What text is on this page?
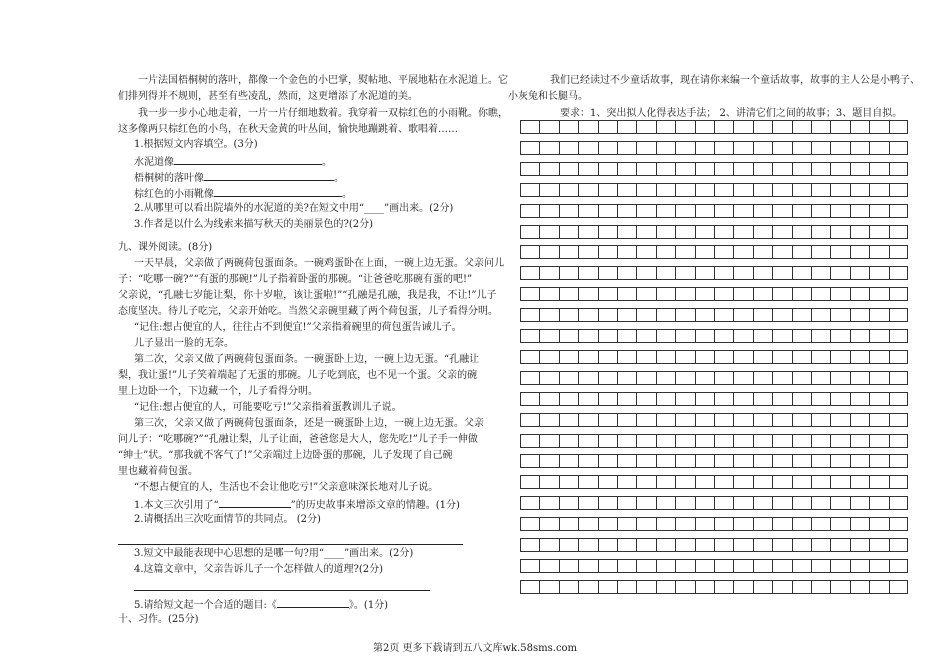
一片法国梧桐树的落叶，都像一个金色的小巴掌，熨帖地、平展地粘在水泥道上。它

们排列得并不规则，甚至有些凌乱，然而，这更增添了水泥道的美。

我一步一步小心地走着，一片一片仔细地数着。我穿着一双棕红色的小雨靴。你瞧，

这多像两只棕红色的小鸟，在秋天金黄的叶丛间，愉快地蹦跳着、歌唱着……

1.根据短文内容填空。(3分)

水泥道像	。

梧桐树的落叶像	。

棕红色的小雨靴像	。

2.从哪里可以看出院墙外的水泥道的美?在短文中用“____”画出来。(2分)

3.作者是以什么为线索来描写秋天的美丽景色的?(2分)

九、课外阅读。(8分)

一天早晨，父亲做了两碗荷包蛋面条。一碗鸡蛋卧在上面，一碗上边无蛋。父亲问儿

子：“吃哪一碗?”“有蛋的那碗!”儿子指着卧蛋的那碗。“让爸爸吃那碗有蛋的吧!”

父亲说，“孔融七岁能让梨，你十岁啦，该让蛋啦!”“孔融是孔融，我是我，不让!”儿子

态度坚决。待儿子吃完，父亲开始吃。当然父亲碗里藏了两个荷包蛋，儿子看得分明。

“记住:想占便宜的人，往往占不到便宜!”父亲指着碗里的荷包蛋告诫儿子。

儿子显出一脸的无奈。

第二次，父亲又做了两碗荷包蛋面条。一碗蛋卧上边，一碗上边无蛋。“孔融让

梨，我让蛋!”儿子笑着端起了无蛋的那碗。儿子吃到底，也不见一个蛋。父亲的碗

里上边卧一个，下边藏一个，儿子看得分明。

“记住:想占便宜的人，可能要吃亏!”父亲指着蛋教训儿子说。

第三次，父亲又做了两碗荷包蛋面条，还是一碗蛋卧上边，一碗上边无蛋。父亲

问儿子：“吃哪碗?”“孔融让梨，儿子让面，爸爸您是大人，您先吃!”儿子手一伸做

“绅士”状。“那我就不客气了!”父亲端过上边卧蛋的那碗，儿子发现了自己碗

里也藏着荷包蛋。

“不想占便宜的人，生活也不会让他吃亏!”父亲意味深长地对儿子说。

1.本文三次引用了“	”的历史故事来增添文章的情趣。(1分)

2.请概括出三次吃面情节的共同点。 (2分)

3.短文中最能表现中心思想的是哪一句?用“____”画出来。(2分)

4.这篇文章中，父亲告诉儿子一个怎样做人的道理?(2分)

5.请给短文起一个合适的题目:《	》。(1分)

十、习作。(25分)

我们已经读过不少童话故事，现在请你来编一个童话故事，故事的主人公是小鸭子、

小灰兔和长腿马。

要求：1、突出拟人化得表达手法； 2、讲清它们之间的故事；3、题目自拟。

第2页 更多下载请到五八文库wk.58sms.com
